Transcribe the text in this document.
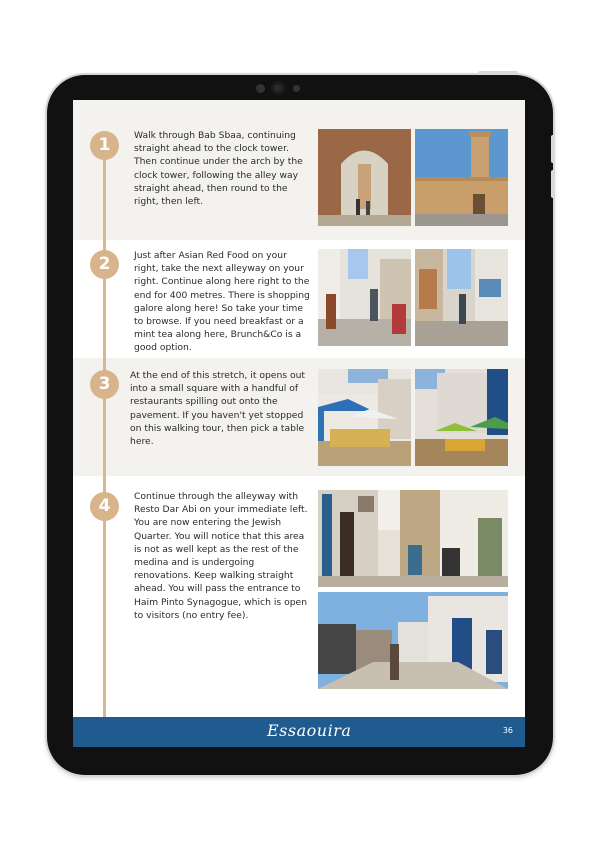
1	Walk through Bab Sbaa, continuing straight ahead to the clock tower. Then continue under the arch by the clock tower, following the alley way straight ahead, then round to the right, then left.
2	Just after Asian Red Food on your right, take the next alleyway on your right. Continue along here right to the end for 400 metres. There is shopping galore along here! So take your time to browse. If you need breakfast or a mint tea along here, Brunch&Co is a good option.
3	At the end of this stretch, it opens out into a small square with a handful of restaurants spilling out onto the pavement. If you haven't yet stopped on this walking tour, then pick a table here.
4	Continue through the alleyway with Resto Dar Abi on your immediate left. You are now entering the Jewish Quarter. You will notice that this area is not as well kept as the rest of the medina and is undergoing renovations. Keep walking straight ahead. You will pass the entrance to Haim Pinto Synagogue, which is open to visitors (no entry fee).
Essaouira	36
